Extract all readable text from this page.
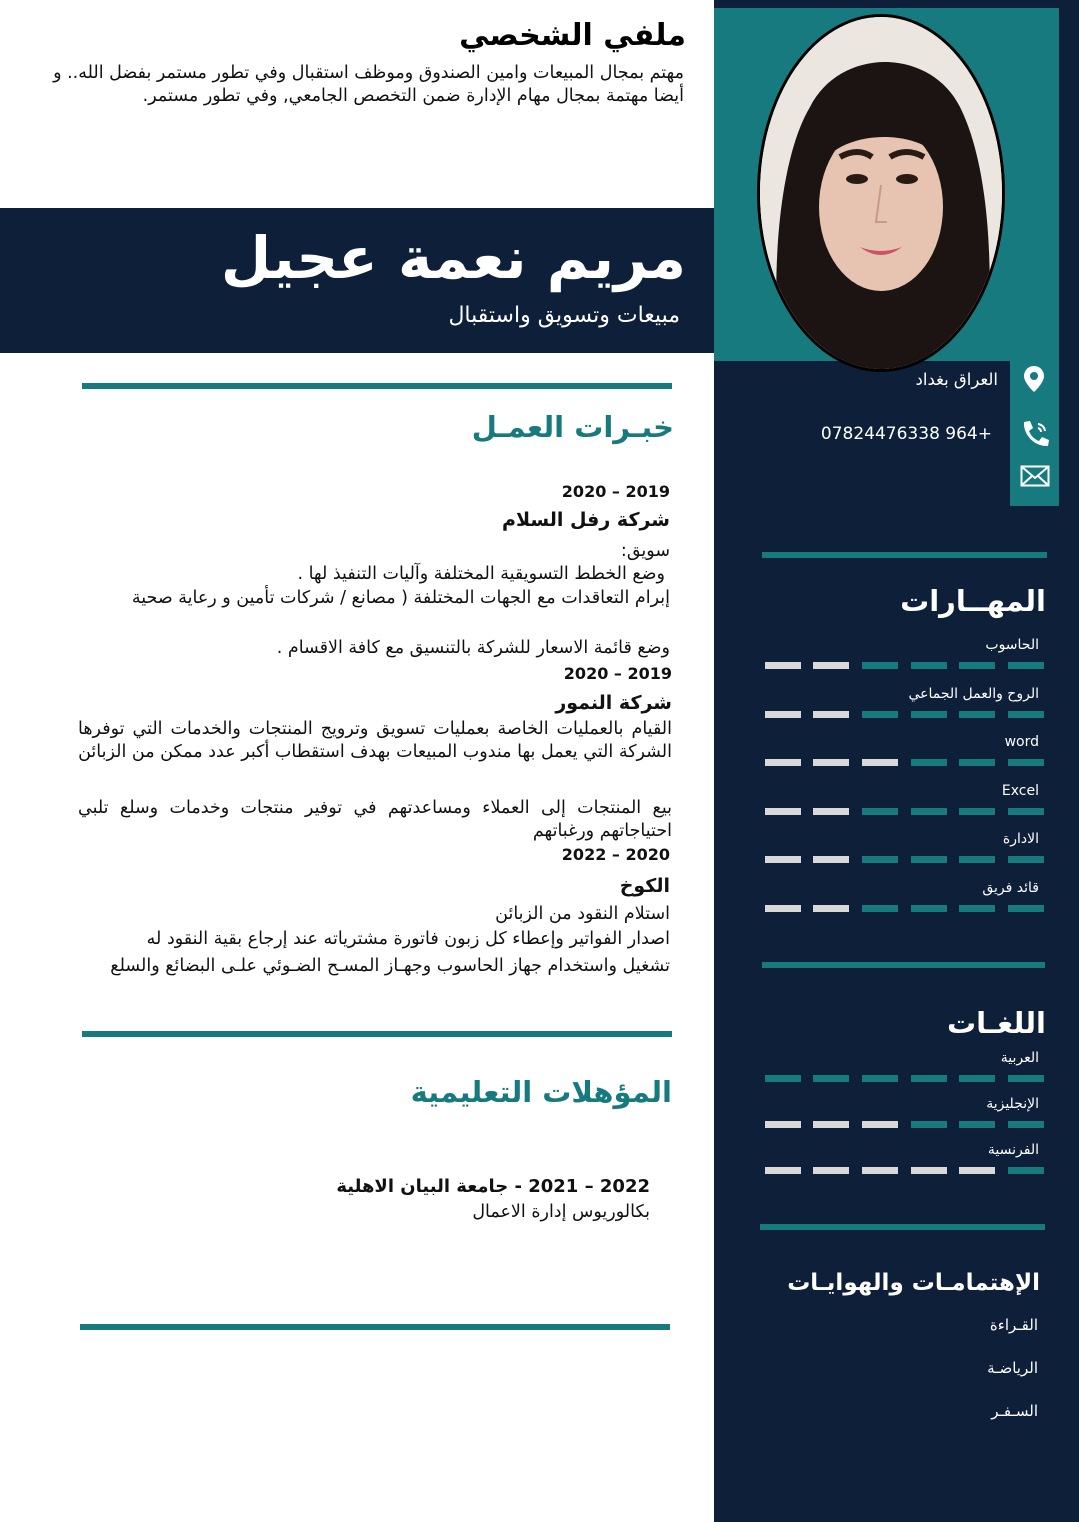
ملفي الشخصي
مهتم بمجال المبيعات وامين الصندوق وموظف استقبال وفي تطور مستمر بفضل الله.. و أيضا مهتمة بمجال مهام الإدارة ضمن التخصص الجامعي, وفي تطور مستمر.
مريم نعمة عجيل
مبيعات وتسويق واستقبال
العراق بغداد
+964 07824476338
المهــارات
الحاسوب
الروح والعمل الجماعي
word
Excel
الادارة
قائد فريق
اللغـات
العربية
الإنجليزية
الفرنسية
الإهتمامـات والهوايـات
القـراءة
الرياضـة
السـفـر
خبـرات العمـل
2019 – 2020
شركة رفل السلام
سويق:
وضع الخطط التسويقية المختلفة وآليات التنفيذ لها .
إبرام التعاقدات مع الجهات المختلفة ( مصانع / شركات تأمين و رعاية صحية
وضع قائمة الاسعار للشركة بالتنسيق مع كافة الاقسام .
2019 – 2020
شركة النمور
القيام بالعمليات الخاصة بعمليات تسويق وترويج المنتجات والخدمات التي توفرها الشركة التي يعمل بها مندوب المبيعات بهدف استقطاب أكبر عدد ممكن من الزبائن
بيع المنتجات إلى العملاء ومساعدتهم في توفير منتجات وخدمات وسلع تلبي احتياجاتهم ورغباتهم
2020 – 2022
الكوخ
استلام النقود من الزبائن
اصدار الفواتير وإعطاء كل زبون فاتورة مشترياته عند إرجاع بقية النقود له
تشغيل واستخدام جهاز الحاسوب وجهـاز المسـح الضـوئي علـى البضائع والسلع
المؤهلات التعليمية
2022 – 2021 - جامعة البيان الاهلية
بكالوريوس إدارة الاعمال
